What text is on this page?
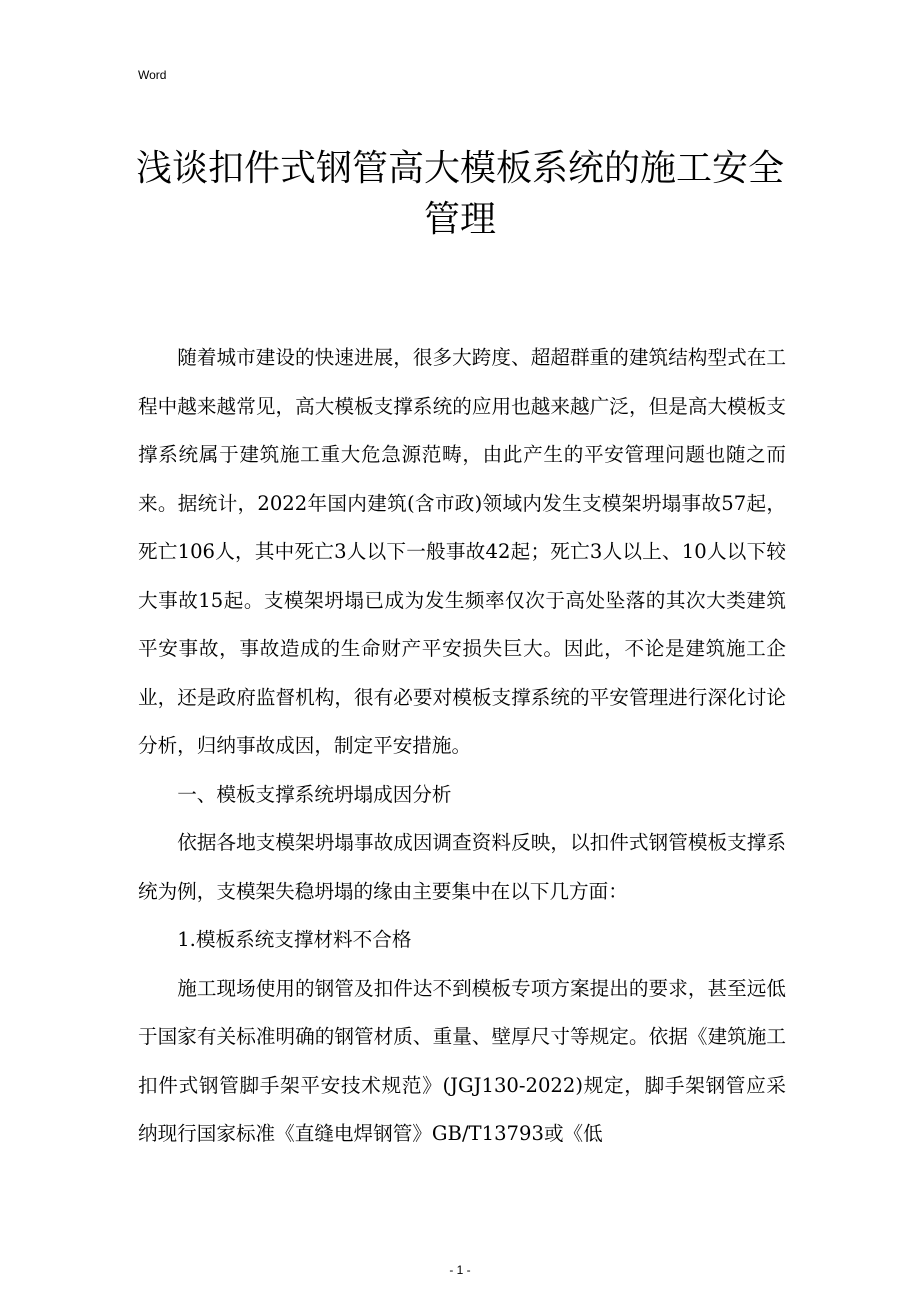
Word
浅谈扣件式钢管高大模板系统的施工安全
管理

随着城市建设的快速进展，很多大跨度、超超群重的建筑结构型式在工程中越来越常见，高大模板支撑系统的应用也越来越广泛，但是高大模板支撑系统属于建筑施工重大危急源范畴，由此产生的平安管理问题也随之而来。据统计，2022年国内建筑(含市政)领域内发生支模架坍塌事故57起，死亡106人，其中死亡3人以下一般事故42起；死亡3人以上、10人以下较大事故15起。支模架坍塌已成为发生频率仅次于高处坠落的其次大类建筑平安事故，事故造成的生命财产平安损失巨大。因此，不论是建筑施工企业，还是政府监督机构，很有必要对模板支撑系统的平安管理进行深化讨论分析，归纳事故成因，制定平安措施。

一、模板支撑系统坍塌成因分析

依据各地支模架坍塌事故成因调查资料反映，以扣件式钢管模板支撑系统为例，支模架失稳坍塌的缘由主要集中在以下几方面：

1.模板系统支撑材料不合格

施工现场使用的钢管及扣件达不到模板专项方案提出的要求，甚至远低于国家有关标准明确的钢管材质、重量、壁厚尺寸等规定。依据《建筑施工扣件式钢管脚手架平安技术规范》(JGJ130-2022)规定，脚手架钢管应采纳现行国家标准《直缝电焊钢管》GB/T13793或《低

- 1 -
